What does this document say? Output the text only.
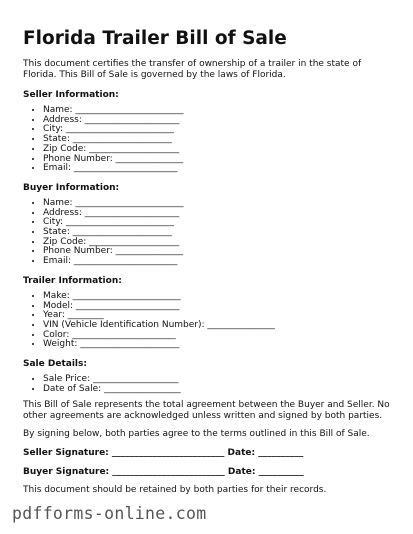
Florida Trailer Bill of Sale

This document certifies the transfer of ownership of a trailer in the state of Florida. This Bill of Sale is governed by the laws of Florida.

Seller Information:
• Name: ________________________
• Address: _____________________
• City: ________________________
• State: ______________________
• Zip Code: ____________________
• Phone Number: _______________
• Email: _______________________
Buyer Information:
• Name: ________________________
• Address: _____________________
• City: ________________________
• State: ______________________
• Zip Code: ____________________
• Phone Number: _______________
• Email: _______________________
Trailer Information:
• Make: ________________________
• Model: _______________________
• Year: ________
• VIN (Vehicle Identification Number): _______________
• Color: _______________________
• Weight: ______________________
Sale Details:
• Sale Price: ___________________
• Date of Sale: _________________

This Bill of Sale represents the total agreement between the Buyer and Seller. No other agreements are acknowledged unless written and signed by both parties.

By signing below, both parties agree to the terms outlined in this Bill of Sale.

Seller Signature: _________________________ Date: __________

Buyer Signature: _________________________ Date: __________

This document should be retained by both parties for their records.

pdfforms-online.com
